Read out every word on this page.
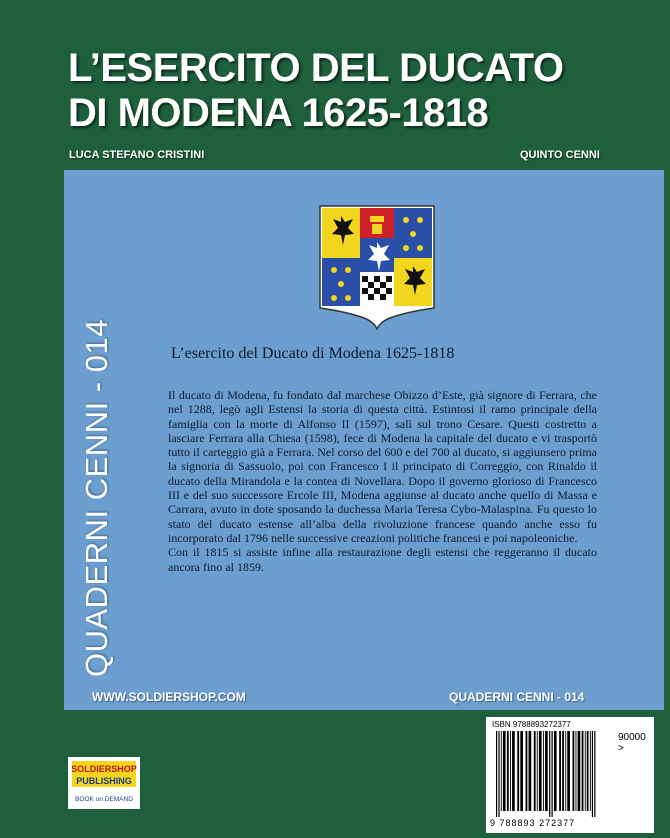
L’ESERCITO DEL DUCATO
DI MODENA 1625-1818
LUCA STEFANO CRISTINI	QUINTO CENNI
QUADERNI CENNI - 014	L’esercito del Ducato di Modena 1625-1818

Il ducato di Modena, fu fondato dal marchese Obizzo d’Este, già signore di Ferrara, che nel 1288, legò agli Estensi la storia di questa città. Estintosi il ramo principale della famiglia con la morte di Alfonso II (1597), salì sul trono Cesare. Questi costretto a lasciare Ferrara alla Chiesa (1598), fece di Modena la capitale del ducato e vi trasportò tutto il carteggio già a Ferrara. Nel corso del 600 e del 700 al ducato, si aggiunsero prima la signoria di Sassuolo, poi con Francesco I il principato di Correggio, con Rinaldo il ducato della Mirandola e la contea di Novellara. Dopo il governo glorioso di Francesco III e del suo successore Ercole III, Modena aggiunse al ducato anche quello di Massa e Carrara, avuto in dote sposando la duchessa Maria Teresa Cybo-Malaspina. Fu questo lo stato del ducato estense all’alba della rivoluzione francese quando anche esso fu incorporato dal 1796 nelle successive creazioni politiche francesi e poi napoleoniche.

Con il 1815 si assiste infine alla restaurazione degli estensi che reggeranno il ducato ancora fino al 1859.

WWW.SOLDIERSHOP.COM	QUADERNI CENNI - 014
ISBN 9788893272377
90000 >
9 788893 272377
SOLDIERSHOP
PUBLISHING
BOOK on DEMAND
